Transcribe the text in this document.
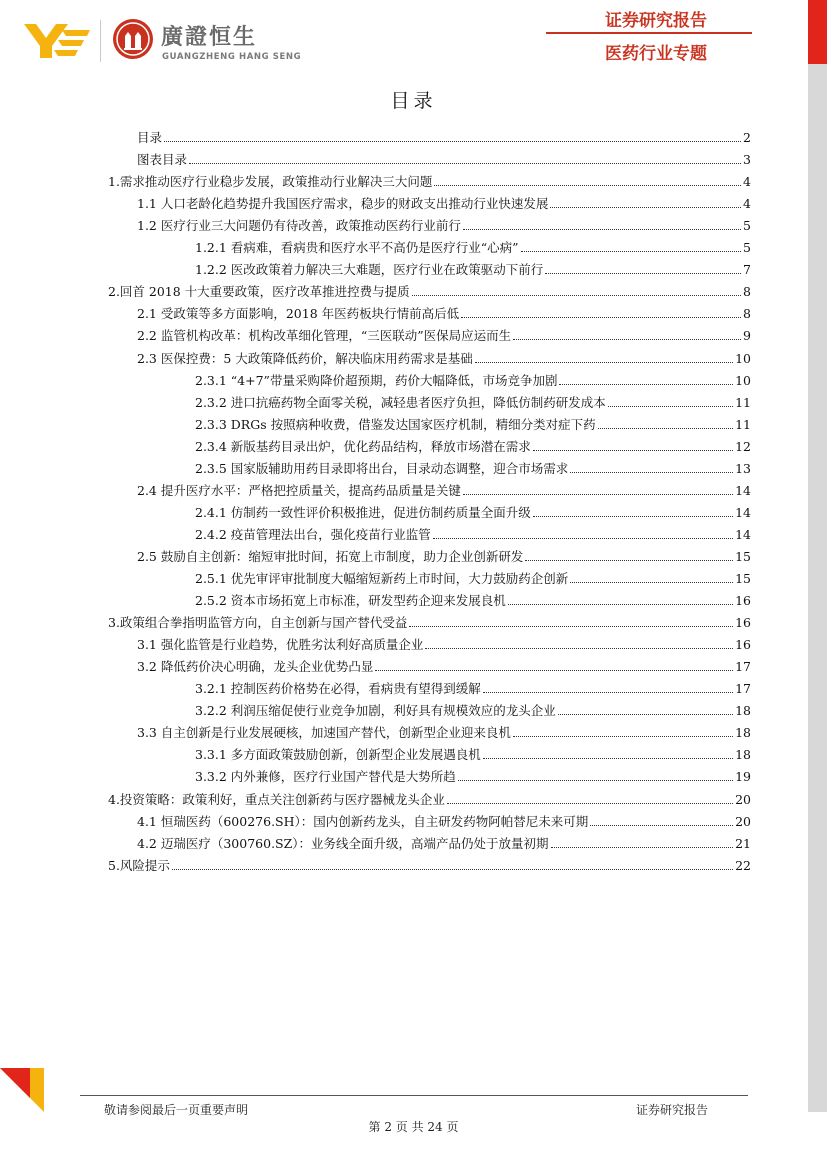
廣證恒生
GUANGZHENG HANG SENG
证券研究报告
医药行业专题
目录
目录	2
图表目录	3
1.需求推动医疗行业稳步发展，政策推动行业解决三大问题	4
1.1 人口老龄化趋势提升我国医疗需求，稳步的财政支出推动行业快速发展	4
1.2 医疗行业三大问题仍有待改善，政策推动医药行业前行	5
1.2.1 看病难，看病贵和医疗水平不高仍是医疗行业“心病”	5
1.2.2 医改政策着力解决三大难题，医疗行业在政策驱动下前行	7
2.回首 2018 十大重要政策，医疗改革推进控费与提质	8
2.1 受政策等多方面影响，2018 年医药板块行情前高后低	8
2.2 监管机构改革：机构改革细化管理，“三医联动”医保局应运而生	9
2.3 医保控费：5 大政策降低药价，解决临床用药需求是基础	10
2.3.1 “4+7”带量采购降价超预期，药价大幅降低，市场竞争加剧	10
2.3.2 进口抗癌药物全面零关税，减轻患者医疗负担，降低仿制药研发成本	11
2.3.3 DRGs 按照病种收费，借鉴发达国家医疗机制，精细分类对症下药	11
2.3.4 新版基药目录出炉，优化药品结构，释放市场潜在需求	12
2.3.5 国家版辅助用药目录即将出台，目录动态调整，迎合市场需求	13
2.4 提升医疗水平：严格把控质量关，提高药品质量是关键	14
2.4.1 仿制药一致性评价积极推进，促进仿制药质量全面升级	14
2.4.2 疫苗管理法出台，强化疫苗行业监管	14
2.5 鼓励自主创新：缩短审批时间，拓宽上市制度，助力企业创新研发	15
2.5.1 优先审评审批制度大幅缩短新药上市时间，大力鼓励药企创新	15
2.5.2 资本市场拓宽上市标准，研发型药企迎来发展良机	16
3.政策组合拳指明监管方向，自主创新与国产替代受益	16
3.1 强化监管是行业趋势，优胜劣汰利好高质量企业	16
3.2 降低药价决心明确，龙头企业优势凸显	17
3.2.1 控制医药价格势在必得，看病贵有望得到缓解	17
3.2.2 利润压缩促使行业竞争加剧，利好具有规模效应的龙头企业	18
3.3 自主创新是行业发展硬核，加速国产替代，创新型企业迎来良机	18
3.3.1 多方面政策鼓励创新，创新型企业发展遇良机	18
3.3.2 内外兼修，医疗行业国产替代是大势所趋	19
4.投资策略：政策利好，重点关注创新药与医疗器械龙头企业	20
4.1 恒瑞医药（600276.SH）：国内创新药龙头，自主研发药物阿帕替尼未来可期	20
4.2 迈瑞医疗（300760.SZ）：业务线全面升级，高端产品仍处于放量初期	21
5.风险提示	22
敬请参阅最后一页重要声明	证券研究报告
第 2 页 共 24 页
